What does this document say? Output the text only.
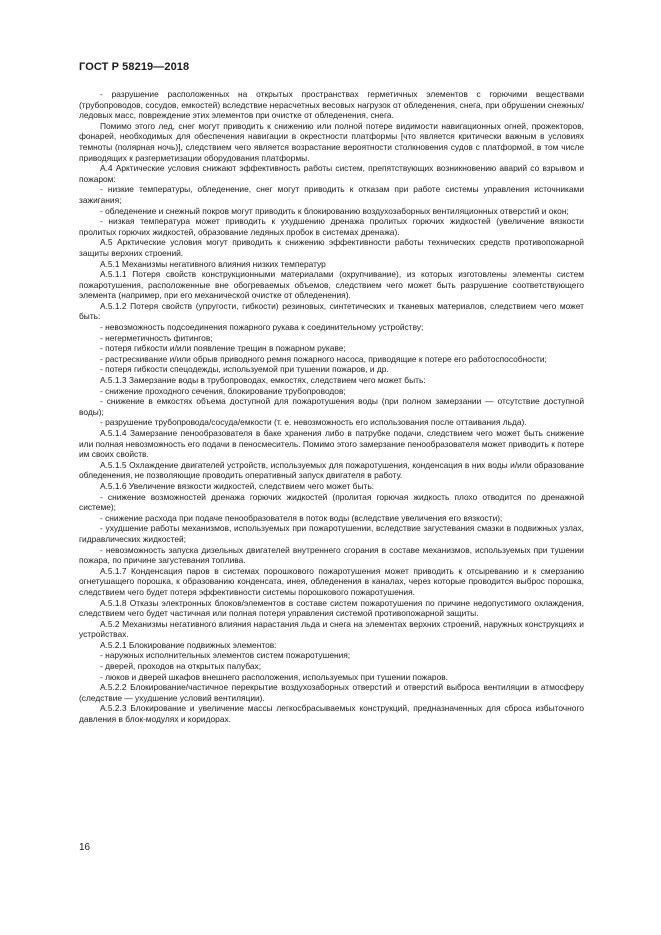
ГОСТ Р 58219—2018

- разрушение расположенных на открытых пространствах герметичных элементов с горючими веществами (трубопроводов, сосудов, емкостей) вследствие нерасчетных весовых нагрузок от обледенения, снега, при обрушении снежных/ледовых масс, повреждение этих элементов при очистке от обледенения, снега.

Помимо этого лед, снег могут приводить к снижению или полной потере видимости навигационных огней, прожекторов, фонарей, необходимых для обеспечения навигации в окрестности платформы [что является критически важным в условиях темноты (полярная ночь)], следствием чего является возрастание вероятности столкновения судов с платформой, в том числе приводящих к разгерметизации оборудования платформы.

А.4 Арктические условия снижают эффективность работы систем, препятствующих возникновению аварий со взрывом и пожаром:

- низкие температуры, обледенение, снег могут приводить к отказам при работе системы управления источниками зажигания;

- обледенение и снежный покров могут приводить к блокированию воздухозаборных вентиляционных отверстий и окон;

- низкая температура может приводить к ухудшению дренажа пролитых горючих жидкостей (увеличение вязкости пролитых горючих жидкостей, образование ледяных пробок в системах дренажа).

А.5 Арктические условия могут приводить к снижению эффективности работы технических средств противопожарной защиты верхних строений.

А.5.1 Механизмы негативного влияния низких температур

А.5.1.1 Потеря свойств конструкционными материалами (охрупчивание), из которых изготовлены элементы систем пожаротушения, расположенные вне обогреваемых объемов, следствием чего может быть разрушение соответствующего элемента (например, при его механической очистке от обледенения).

А.5.1.2 Потеря свойств (упругости, гибкости) резиновых, синтетических и тканевых материалов, следствием чего может быть:

- невозможность подсоединения пожарного рукава к соединительному устройству;

- негерметичность фитингов;

- потеря гибкости и/или появление трещин в пожарном рукаве;

- растрескивание и/или обрыв приводного ремня пожарного насоса, приводящие к потере его работоспособности;

- потеря гибкости спецодежды, используемой при тушении пожаров, и др.

А.5.1.3 Замерзание воды в трубопроводах, емкостях, следствием чего может быть:

- снижение проходного сечения, блокирование трубопроводов;

- снижение в емкостях объема доступной для пожаротушения воды (при полном замерзании — отсутствие доступной воды);

- разрушение трубопровода/сосуда/емкости (т. е. невозможность его использования после оттаивания льда).

А.5.1.4 Замерзание пенообразователя в баке хранения либо в патрубке подачи, следствием чего может быть снижение или полная невозможность его подачи в пеносмеситель. Помимо этого замерзание пенообразователя может приводить к потере им своих свойств.

А.5.1.5 Охлаждение двигателей устройств, используемых для пожаротушения, конденсация в них воды и/или образование обледенения, не позволяющие проводить оперативный запуск двигателя в работу.

А.5.1.6 Увеличение вязкости жидкостей, следствием чего может быть:

- снижение возможностей дренажа горючих жидкостей (пролитая горючая жидкость плохо отводится по дренажной системе);

- снижение расхода при подаче пенообразователя в поток воды (вследствие увеличения его вязкости);

- ухудшение работы механизмов, используемых при пожаротушении, вследствие загустевания смазки в подвижных узлах, гидравлических жидкостей;

- невозможность запуска дизельных двигателей внутреннего сгорания в составе механизмов, используемых при тушении пожара, по причине загустевания топлива.

А.5.1.7 Конденсация паров в системах порошкового пожаротушения может приводить к отсыреванию и к смерзанию огнетушащего порошка, к образованию конденсата, инея, обледенения в каналах, через которые проводится выброс порошка, следствием чего будет потеря эффективности системы порошкового пожаротушения.

А.5.1.8 Отказы электронных блоков/элементов в составе систем пожаротушения по причине недопустимого охлаждения, следствием чего будет частичная или полная потеря управления системой противопожарной защиты.

А.5.2 Механизмы негативного влияния нарастания льда и снега на элементах верхних строений, наружных конструкциях и устройствах.

А.5.2.1 Блокирование подвижных элементов:

- наружных исполнительных элементов систем пожаротушения;

- дверей, проходов на открытых палубах;

- люков и дверей шкафов внешнего расположения, используемых при тушении пожаров.

А.5.2.2 Блокирование/частичное перекрытие воздухозаборных отверстий и отверстий выброса вентиляции в атмосферу (следствие — ухудшение условий вентиляции).

А.5.2.3 Блокирование и увеличение массы легкосбрасываемых конструкций, предназначенных для сброса избыточного давления в блок-модулях и коридорах.

16
